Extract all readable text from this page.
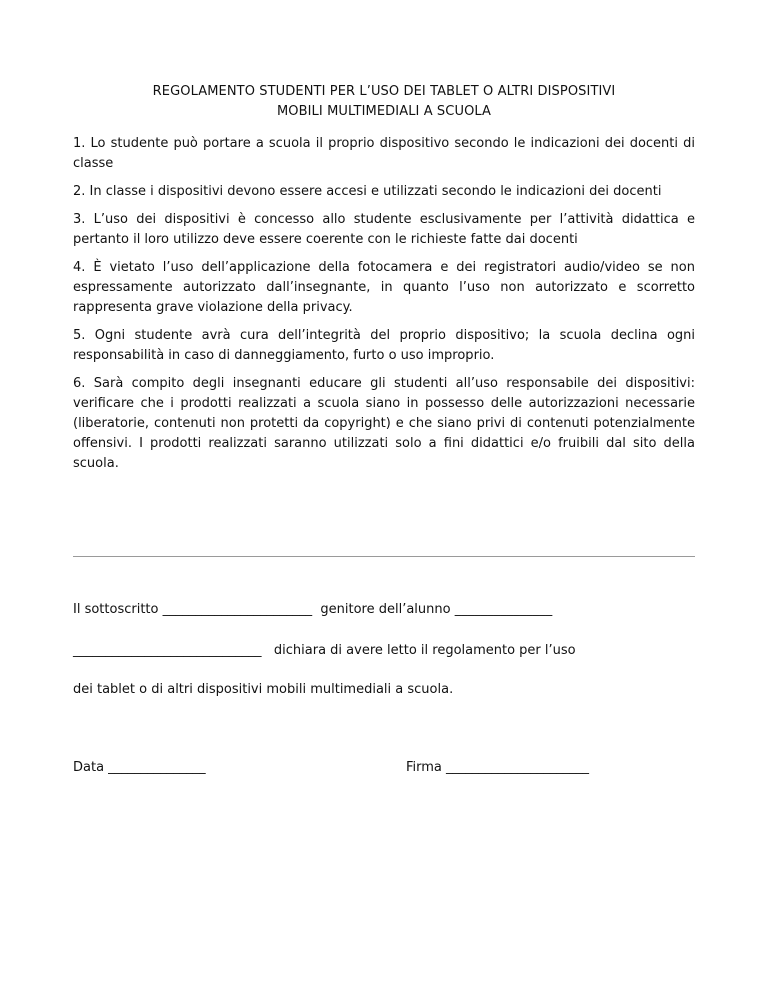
REGOLAMENTO STUDENTI PER L’USO DEI TABLET O ALTRI DISPOSITIVI
MOBILI MULTIMEDIALI A SCUOLA

1. Lo studente può portare a scuola il proprio dispositivo secondo le indicazioni dei docenti di classe

2. In classe i dispositivi devono essere accesi e utilizzati secondo le indicazioni dei docenti

3. L’uso dei dispositivi è concesso allo studente esclusivamente per l’attività didattica e pertanto il loro utilizzo deve essere coerente con le richieste fatte dai docenti

4. È vietato l’uso dell’applicazione della fotocamera e dei registratori audio/video se non espressamente autorizzato dall’insegnante, in quanto l’uso non autorizzato e scorretto rappresenta grave violazione della privacy.

5. Ogni studente avrà cura dell’integrità del proprio dispositivo; la scuola declina ogni responsabilità in caso di danneggiamento, furto o uso improprio.

6. Sarà compito degli insegnanti educare gli studenti all’uso responsabile dei dispositivi: verificare che i prodotti realizzati a scuola siano in possesso delle autorizzazioni necessarie (liberatorie, contenuti non protetti da copyright) e che siano privi di contenuti potenzialmente offensivi. I prodotti realizzati saranno utilizzati solo a fini didattici e/o fruibili dal sito della scuola.

Il sottoscritto _______________________  genitore dell’alunno _______________
_____________________________   dichiara di avere letto il regolamento per l’uso
dei tablet o di altri dispositivi mobili multimediali a scuola.
Data _______________	Firma ______________________
